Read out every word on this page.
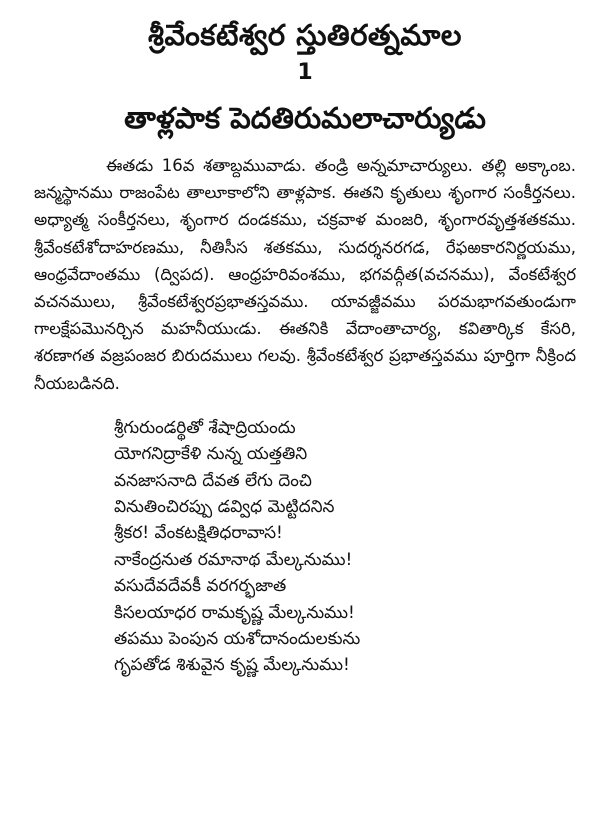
శ్రీవేంకటేశ్వర స్తుతిరత్నమాల
1
తాళ్లపాక పెదతిరుమలాచార్యుడు

ఈతడు 16వ శతాబ్దమువాడు. తండ్రి అన్నమాచార్యులు. తల్లి అక్కాంబ. జన్మస్థానము రాజంపేట తాలూకాలోని తాళ్లపాక. ఈతని కృతులు శృంగార సంకీర్తనలు. అధ్యాత్మ సంకీర్తనలు, శృంగార దండకము, చక్రవాళ మంజరి, శృంగారవృత్తశతకము. శ్రీవేంకటేశోదాహరణము, నీతిసీస శతకము, సుదర్శనరగడ, రేఫఱకారనిర్ణయము, ఆంధ్రవేదాంతము (ద్విపద). ఆంధ్రహరివంశము, భగవద్గీత(వచనము), వేంకటేశ్వర వచనములు, శ్రీవేంకటేశ్వరప్రభాతస్తవము. యావజ్జీవము పరమభాగవతుండుగా గాలక్షేపమొనర్చిన మహనీయుఁడు. ఈతనికి వేదాంతాచార్య, కవితార్కిక కేసరి, శరణాగత వజ్రపంజర బిరుదములు గలవు. శ్రీవేంకటేశ్వర ప్రభాతస్తవము పూర్తిగా నీక్రింద నీయబడినది.

శ్రీగురుండర్థితో శేషాద్రియందు
యోగనిద్రాకేళి నున్న యత్తతిని
వనజాసనాది దేవత లేగు దెంచి
వినుతించిరప్పు డవ్విధ మెట్టిదనిన
శ్రీకర! వేంకటక్షితిధరావాస!
నాకేంద్రనుత రమానాథ మేల్కనుము!
వసుదేవదేవకీ వరగర్భజాత
కిసలయాధర రామకృష్ణ మేల్కనుము!
తపము పెంపున యశోదానందులకును
గృపతోడ శిశువైన కృష్ణ మేల్కనుము!
